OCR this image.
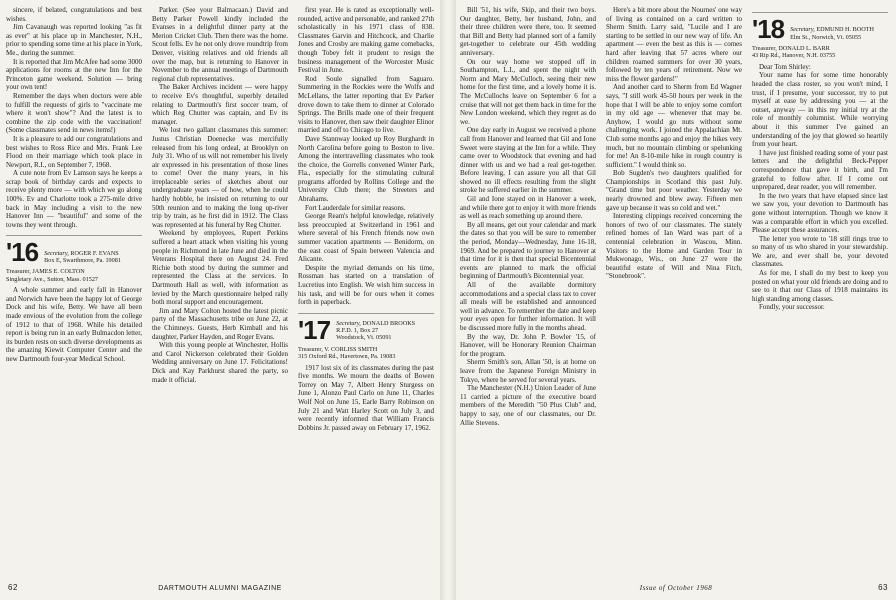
sincere, if belated, congratulations and best wishes.

Jim Cavanaugh was reported looking "as fit as ever" at his place up in Manchester, N.H., prior to spending some time at his place in York, Me., during the summer.

It is reported that Jim McAfee had some 3000 applications for rooms at the new Inn for the Princeton game weekend. Solution — bring your own tent!

Remember the days when doctors were able to fulfill the requests of girls to "vaccinate me where it won't show"? And the latest is to combine the zip code with the vaccination! (Some classmates send in news items!)

It is a pleasure to add our congratulations and best wishes to Ross Rice and Mrs. Frank Lee Flood on their marriage which took place in Newport, R.I., on September 7, 1968.

A cute note from Ev Lamson says he keeps a scrap book of birthday cards and expects to receive plenty more — with which we go along 100%. Ev and Charlotte took a 275-mile drive back in May including a visit to the new Hanover Inn — "beautiful" and some of the towns they went through.

'16 Secretary, ROGER F. EVANS
Box E, Swarthmore, Pa. 19081
Treasurer, JAMES E. COLTON
Singletary Ave., Sutton, Mass. 01527

A whole summer and early fall in Hanover and Norwich have been the happy lot of George Dock and his wife, Betty. We have all been made envious of the evolution from the college of 1912 to that of 1968. While his detailed report is being run in an early Bulmacdon letter, its burden rests on such diverse developments as the amazing Kiewit Computer Center and the new Dartmouth four-year Medical School.

Parker. (See your Balmacaan.) David and Betty Parker Powell kindly included the Evanses in a delightful dinner party at the Merion Cricket Club. Then there was the home. Scout fells. Ev he not only drove roundtrip from Denver, visiting relatives and old friends all over the map, but is returning to Hanover in November to the annual meetings of Dartmouth regional club representatives.

The Baker Archives incident — were happy to receive Ev's thoughtful, superbly detailed relating to Dartmouth's first soccer team, of which Reg Chutter was captain, and Ev its manager.

We lost two gallant classmates this summer: Justus Christian Doenecke was mercifully released from his long ordeal, at Brooklyn on July 31. Who of us will not remember his lively air expressed in his presentation of those lines to come! Over the many years, in his irreplaceable series of sketches about our undergraduate years — of how, when he could hardly hobble, he insisted on returning to our 50th reunion and to making the long up-river trip by train, as he first did in 1912. The Class was represented at his funeral by Reg Chutter.

Weekend by employees, Rupert Perkins suffered a heart attack when visiting his young people in Richmond in late June and died in the Veterans Hospital there on August 24. Fred Richie both stood by during the summer and represented the Class at the services. In Dartmouth Hall as well, with information as levied by the March questionnaire helped rally both moral support and encouragement.

Jim and Mary Colton hosted the latest picnic party of the Massachusetts tribe on June 22, at the Chimneys. Guests, Herb Kimball and his daughter, Parker Hayden, and Roger Evans.

With this young people at Winchester, Hollis and Carol Nickerson celebrated their Golden Wedding anniversary on June 17. Felicitations! Dick and Kay Parkhurst shared the party, so made it official.

first year. He is rated as exceptionally well-rounded, active and personable, and ranked 27th scholastically in his 1971 class of 838. Classmates Garvin and Hitchcock, and Charlie Jones and Crosby are making game comebacks, though Tobey felt it prudent to resign the business management of the Worcester Music Festival in June.

Rod Soule signalled from Saguaro. Summering in the Rockies were the Wolfs and McLellans, the latter reporting that Ev Parker drove down to take them to dinner at Colorado Springs. The Brills made one of their frequent visits to Hanover, then saw their daughter Elinor married and off to Chicago to live.

Dave Stannway looked up Roy Burghardt in North Carolina before going to Boston to live. Among the intertravelling classmates who took the choice, the Gorrells convened Winter Park, Fla., especially for the stimulating cultural programs afforded by Rollins College and the University Club there; the Streeters and Abrahams.

Fort Lauderdale for similar reasons.

George Ream's helpful knowledge, relatively less preoccupied at Switzerland in 1961 and where several of his French friends now own summer vacation apartments — Benidorm, on the east coast of Spain between Valencia and Alicante.

Despite the myriad demands on his time, Rossman has started on a translation of Lucretius into English. We wish him success in his task, and will be for ours when it comes forth in paperback.

'17 Secretary, DONALD BROOKS
R.F.D. 1, Box 27
Woodstock, Vt. 05091
Treasurer, V. CORLISS SMITH
315 Oxford Rd., Havertown, Pa. 19083

1917 lost six of its classmates during the past five months. We mourn the deaths of Bowen Torrey on May 7, Albert Henry Sturgess on June 1, Alonzo Paul Carlo on June 11, Charles Wolf Nol on June 15, Earle Barry Robinson on July 21 and Watt Harley Scott on July 3, and were recently informed that William Francis Dobbins Jr. passed away on February 17, 1962.

62	DARTMOUTH ALUMNI MAGAZINE

Bill '51, his wife, Skip, and their two boys. Our daughter, Betty, her husband, John, and their three children were there, too. It seemed that Bill and Betty had planned sort of a family get-together to celebrate our 45th wedding anniversary.

On our way home we stopped off in Southampton, L.I., and spent the night with Norm and Mary McCulloch, seeing their new home for the first time, and a lovely home it is. The McCullochs leave on September 6 for a cruise that will not get them back in time for the New London weekend, which they regret as do we.

One day early in August we received a phone call from Hanover and learned that Gil and Ione Sweet were staying at the Inn for a while. They came over to Woodstock that evening and had dinner with us and we had a real get-together. Before leaving, I can assure you all that Gil showed no ill effects resulting from the slight stroke he suffered earlier in the summer.

Gil and Ione stayed on in Hanover a week, and while there got to enjoy it with more friends as well as reach something up around there.

By all means, get out your calendar and mark the dates so that you will be sure to remember the period, Monday—Wednesday, June 16-18, 1969. And be prepared to journey to Hanover at that time for it is then that special Bicentennial events are planned to mark the official beginning of Dartmouth's Bicentennial year.

All of the available dormitory accommodations and a special class tax to cover all meals will be established and announced well in advance. To remember the date and keep your eyes open for further information. It will be discussed more fully in the months ahead.

By the way, Dr. John P. Bowler '15, of Hanover, will be Honorary Reunion Chairman for the program.

Sherm Smith's son, Allan '50, is at home on leave from the Japanese Foreign Ministry in Tokyo, where he served for several years.

The Manchester (N.H.) Union Leader of June 11 carried a picture of the executive board members of the Meredith "50 Plus Club" and, happy to say, one of our classmates, our Dr. Allie Stevens.

Here's a bit more about the Nournes' one way of living as contained on a card written to Sherm Smith. Larry said, "Lucile and I are starting to be settled in our new way of life. An apartment — even the best as this is — comes hard after leaving that 57 acres where our children roamed summers for over 30 years, followed by ten years of retirement. Now we miss the flower gardens!"

And another card to Sherm from Ed Wagner says, "I still work 45-50 hours per week in the hope that I will be able to enjoy some comfort in my old age — whenever that may be. Anyhow, I would go nuts without some challenging work. I joined the Appalachian Mt. Club some months ago and enjoy the hikes very much, but no mountain climbing or spelunking for me! An 8-10-mile hike in rough country is sufficient." I would think so.

Bob Sugden's two daughters qualified for Championships in Scotland this past July. "Grand time but poor weather. Yesterday we nearly drowned and blew away. Fifteen men gave up because it was so cold and wet."

Interesting clippings received concerning the honors of two of our classmates. The stately refined homes of Ian Ward was part of a centennial celebration in Wascou, Minn. Visitors to the Home and Garden Tour in Mukwonago, Wis., on June 27 were the beautiful estate of Will and Nina Fitch, "Stonebrook".

'18 Secretary, EDMUND H. BOOTH
Elm St., Norwich, Vt. 05055
Treasurer, DONALD L. BARR
43 Rip Rd., Hanover, N.H. 03755

Dear Tom Shirley:

Your name has for some time honorably headed the class roster, so you won't mind, I trust, if I presume, your successor, try to put myself at ease by addressing you — at the outset, anyway — in this my initial try at the role of monthly columnist. While worrying about it this summer I've gained an understanding of the joy that glowed so heartily from your heart.

I have just finished reading some of your past letters and the delightful Beck-Pepper correspondence that gave it birth, and I'm grateful to follow after. If I come out unprepared, dear reader, you will remember.

In the two years that have elapsed since last we saw you, your devotion to Dartmouth has gone without interruption. Though we know it was a comparable effort in which you excelled. Please accept these assurances.

The letter you wrote to '18 still rings true to so many of us who shared in your stewardship. We are, and ever shall be, your devoted classmates.

As for me, I shall do my best to keep you posted on what your old friends are doing and to see to it that our Class of 1918 maintains its high standing among classes.

Fondly, your successor.

Issue of October 1968	63
